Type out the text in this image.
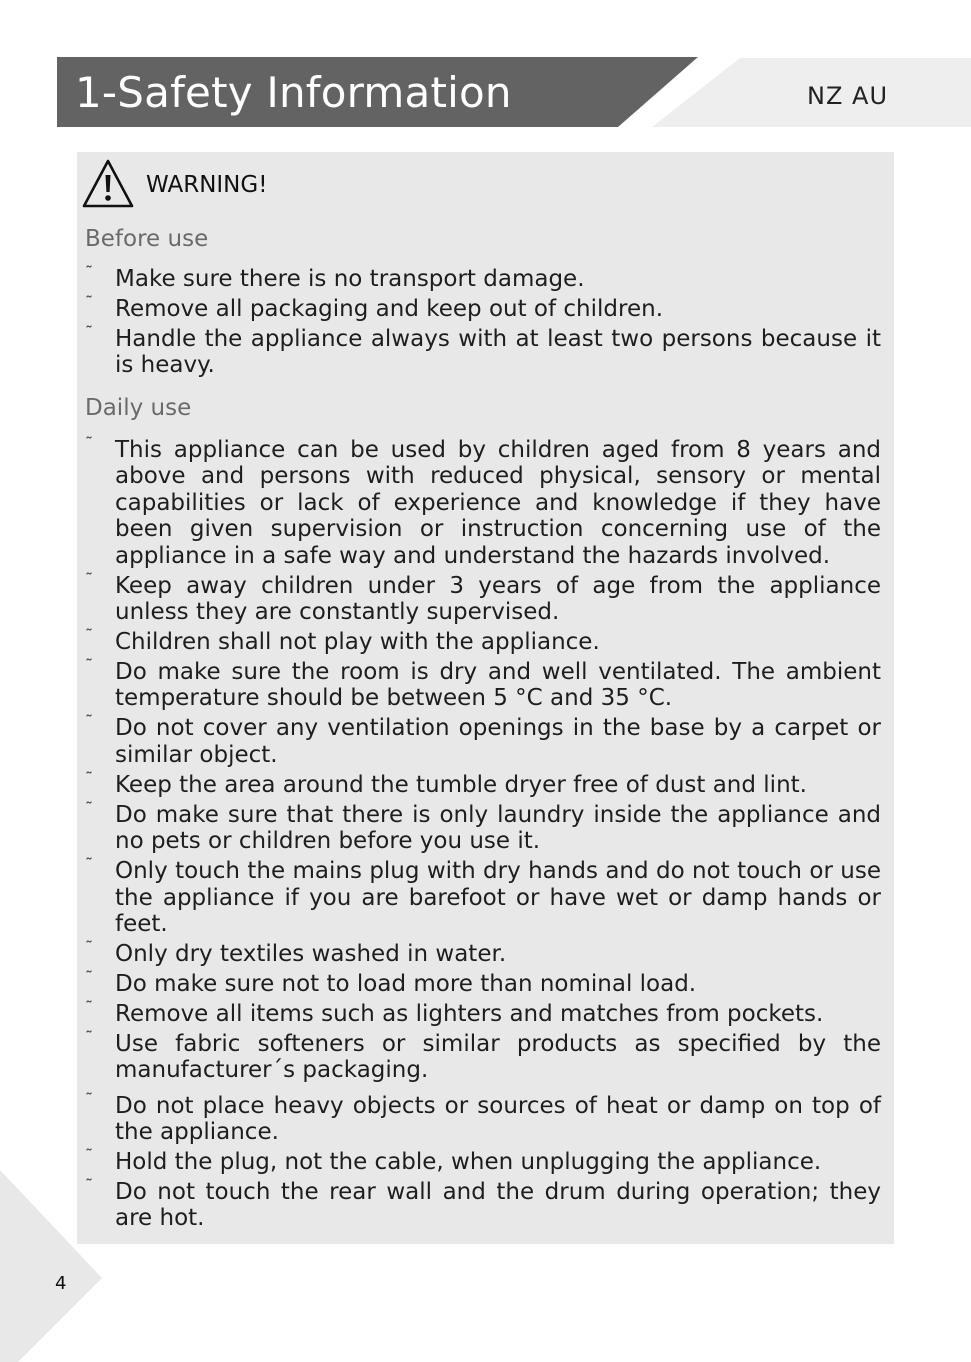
1-Safety Information	NZ AU
WARNING!
Before use
˜ Make sure there is no transport damage.
˜ Remove all packaging and keep out of children.
˜ Handle the appliance always with at least two persons because it is heavy.
Daily use
˜ This appliance can be used by children aged from 8 years and above and persons with reduced physical, sensory or mental capabilities or lack of experience and knowledge if they have been given supervision or instruction concerning use of the appliance in a safe way and understand the hazards involved.
˜ Keep away children under 3 years of age from the appliance unless they are constantly supervised.
˜ Children shall not play with the appliance.
˜ Do make sure the room is dry and well ventilated. The ambient temperature should be between 5 °C and 35 °C.
˜ Do not cover any ventilation openings in the base by a carpet or similar object.
˜ Keep the area around the tumble dryer free of dust and lint.
˜ Do make sure that there is only laundry inside the appliance and no pets or children before you use it.
˜ Only touch the mains plug with dry hands and do not touch or use the appliance if you are barefoot or have wet or damp hands or feet.
˜ Only dry textiles washed in water.
˜ Do make sure not to load more than nominal load.
˜ Remove all items such as lighters and matches from pockets.
˜ Use fabric softeners or similar products as specified by the manufacturer´s packaging.
˜ Do not place heavy objects or sources of heat or damp on top of the appliance.
˜ Hold the plug, not the cable, when unplugging the appliance.
˜ Do not touch the rear wall and the drum during operation; they are hot.
4
